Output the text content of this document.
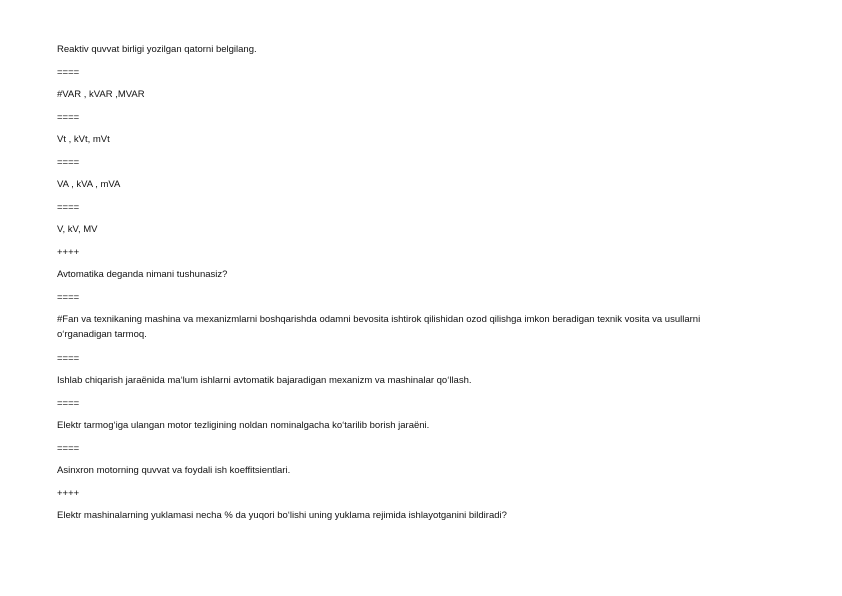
Reaktiv quvvat birligi yozilgan qatorni belgilang.

====

#VAR , kVAR ,MVAR

====

Vt , kVt, mVt

====

VA , kVA , mVA

====

V, kV, MV

++++

Avtomatika deganda nimani tushunasiz?

====

#Fan va texnikaning mashina va mexanizmlarni boshqarishda odamni bevosita ishtirok qilishidan ozod qilishga imkon beradigan texnik vosita va usullarni oʻrganadigan tarmoq.

====

Ishlab chiqarish jaraёnida maʻlum ishlarni avtomatik bajaradigan mexanizm va mashinalar qoʻllash.

====

Elektr tarmogʻiga ulangan motor tezligining noldan nominalgacha koʻtarilib borish jaraёni.

====

Asinxron motorning quvvat va foydali ish koeffitsientlari.

++++

Elektr mashinalarning yuklamasi necha % da yuqori boʻlishi uning yuklama rejimida ishlayotganini bildiradi?
